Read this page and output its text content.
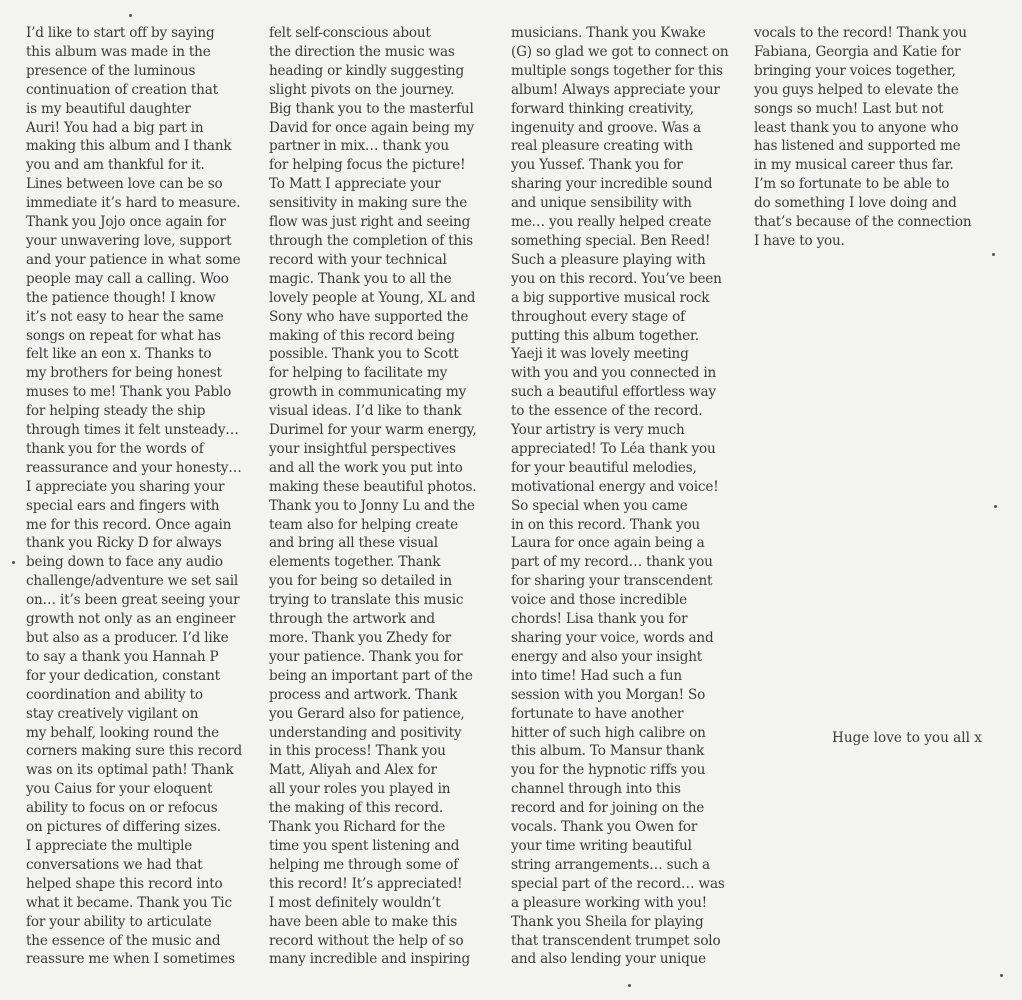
I’d like to start off by saying
this album was made in the
presence of the luminous
continuation of creation that
is my beautiful daughter
Auri! You had a big part in
making this album and I thank
you and am thankful for it.
Lines between love can be so
immediate it’s hard to measure.
Thank you Jojo once again for
your unwavering love, support
and your patience in what some
people may call a calling. Woo
the patience though! I know
it’s not easy to hear the same
songs on repeat for what has
felt like an eon x. Thanks to
my brothers for being honest
muses to me! Thank you Pablo
for helping steady the ship
through times it felt unsteady…
thank you for the words of
reassurance and your honesty…
I appreciate you sharing your
special ears and fingers with
me for this record. Once again
thank you Ricky D for always
being down to face any audio
challenge/adventure we set sail
on… it’s been great seeing your
growth not only as an engineer
but also as a producer. I’d like
to say a thank you Hannah P
for your dedication, constant
coordination and ability to
stay creatively vigilant on
my behalf, looking round the
corners making sure this record
was on its optimal path! Thank
you Caius for your eloquent
ability to focus on or refocus
on pictures of differing sizes.
I appreciate the multiple
conversations we had that
helped shape this record into
what it became. Thank you Tic
for your ability to articulate
the essence of the music and
reassure me when I sometimes
felt self-conscious about
the direction the music was
heading or kindly suggesting
slight pivots on the journey.
Big thank you to the masterful
David for once again being my
partner in mix… thank you
for helping focus the picture!
To Matt I appreciate your
sensitivity in making sure the
flow was just right and seeing
through the completion of this
record with your technical
magic. Thank you to all the
lovely people at Young, XL and
Sony who have supported the
making of this record being
possible. Thank you to Scott
for helping to facilitate my
growth in communicating my
visual ideas. I’d like to thank
Durimel for your warm energy,
your insightful perspectives
and all the work you put into
making these beautiful photos.
Thank you to Jonny Lu and the
team also for helping create
and bring all these visual
elements together. Thank
you for being so detailed in
trying to translate this music
through the artwork and
more. Thank you Zhedy for
your patience. Thank you for
being an important part of the
process and artwork. Thank
you Gerard also for patience,
understanding and positivity
in this process! Thank you
Matt, Aliyah and Alex for
all your roles you played in
the making of this record.
Thank you Richard for the
time you spent listening and
helping me through some of
this record! It’s appreciated!
I most definitely wouldn’t
have been able to make this
record without the help of so
many incredible and inspiring
musicians. Thank you Kwake
(G) so glad we got to connect on
multiple songs together for this
album! Always appreciate your
forward thinking creativity,
ingenuity and groove. Was a
real pleasure creating with
you Yussef. Thank you for
sharing your incredible sound
and unique sensibility with
me… you really helped create
something special. Ben Reed!
Such a pleasure playing with
you on this record. You’ve been
a big supportive musical rock
throughout every stage of
putting this album together.
Yaeji it was lovely meeting
with you and you connected in
such a beautiful effortless way
to the essence of the record.
Your artistry is very much
appreciated! To Léa thank you
for your beautiful melodies,
motivational energy and voice!
So special when you came
in on this record. Thank you
Laura for once again being a
part of my record… thank you
for sharing your transcendent
voice and those incredible
chords! Lisa thank you for
sharing your voice, words and
energy and also your insight
into time! Had such a fun
session with you Morgan! So
fortunate to have another
hitter of such high calibre on
this album. To Mansur thank
you for the hypnotic riffs you
channel through into this
record and for joining on the
vocals. Thank you Owen for
your time writing beautiful
string arrangements… such a
special part of the record… was
a pleasure working with you!
Thank you Sheila for playing
that transcendent trumpet solo
and also lending your unique
vocals to the record! Thank you
Fabiana, Georgia and Katie for
bringing your voices together,
you guys helped to elevate the
songs so much! Last but not
least thank you to anyone who
has listened and supported me
in my musical career thus far.
I’m so fortunate to be able to
do something I love doing and
that’s because of the connection
I have to you.
Huge love to you all x
